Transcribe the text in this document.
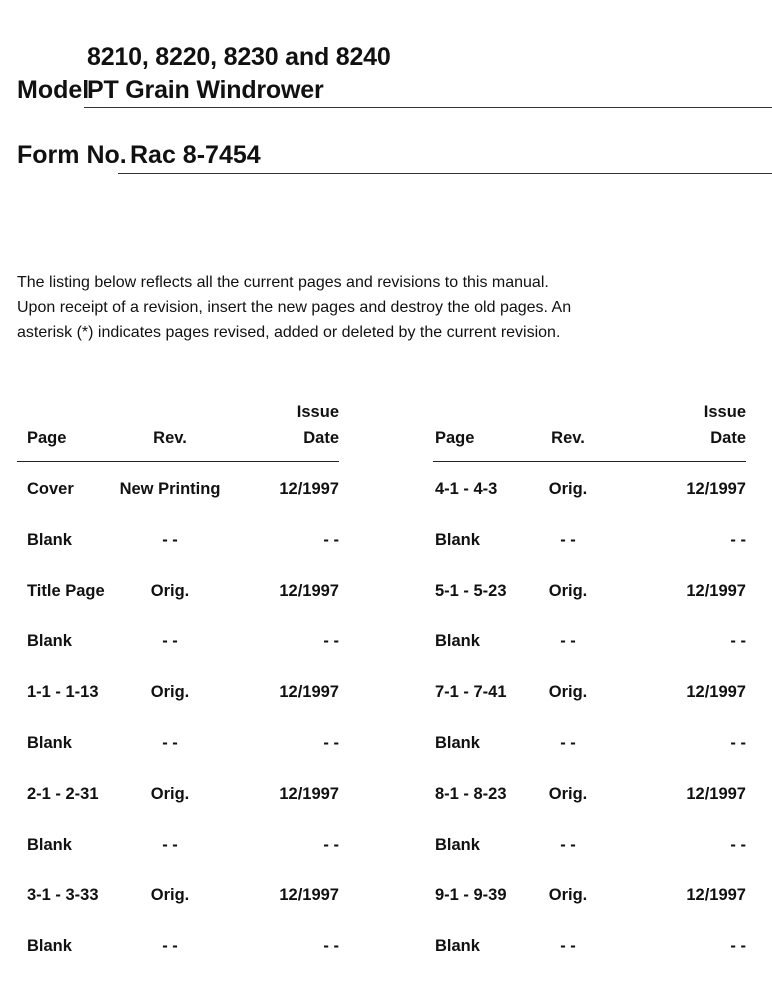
8210, 8220, 8230 and 8240
Model
PT Grain Windrower
Form No. Rac 8-7454

The listing below reflects all the current pages and revisions to this manual.

Upon receipt of a revision, insert the new pages and destroy the old pages. An

asterisk (*) indicates pages revised, added or deleted by the current revision.

Issue
Page	Rev.	Date
Cover	New Printing	12/1997
Blank	- -	- -
Title Page	Orig.	12/1997
Blank	- -	- -
1-1 - 1-13	Orig.	12/1997
Blank	- -	- -
2-1 - 2-31	Orig.	12/1997
Blank	- -	- -
3-1 - 3-33	Orig.	12/1997
Blank	- -	- -
Issue
Page	Rev.	Date
4-1 - 4-3	Orig.	12/1997
Blank	- -	- -
5-1 - 5-23	Orig.	12/1997
Blank	- -	- -
7-1 - 7-41	Orig.	12/1997
Blank	- -	- -
8-1 - 8-23	Orig.	12/1997
Blank	- -	- -
9-1 - 9-39	Orig.	12/1997
Blank	- -	- -
